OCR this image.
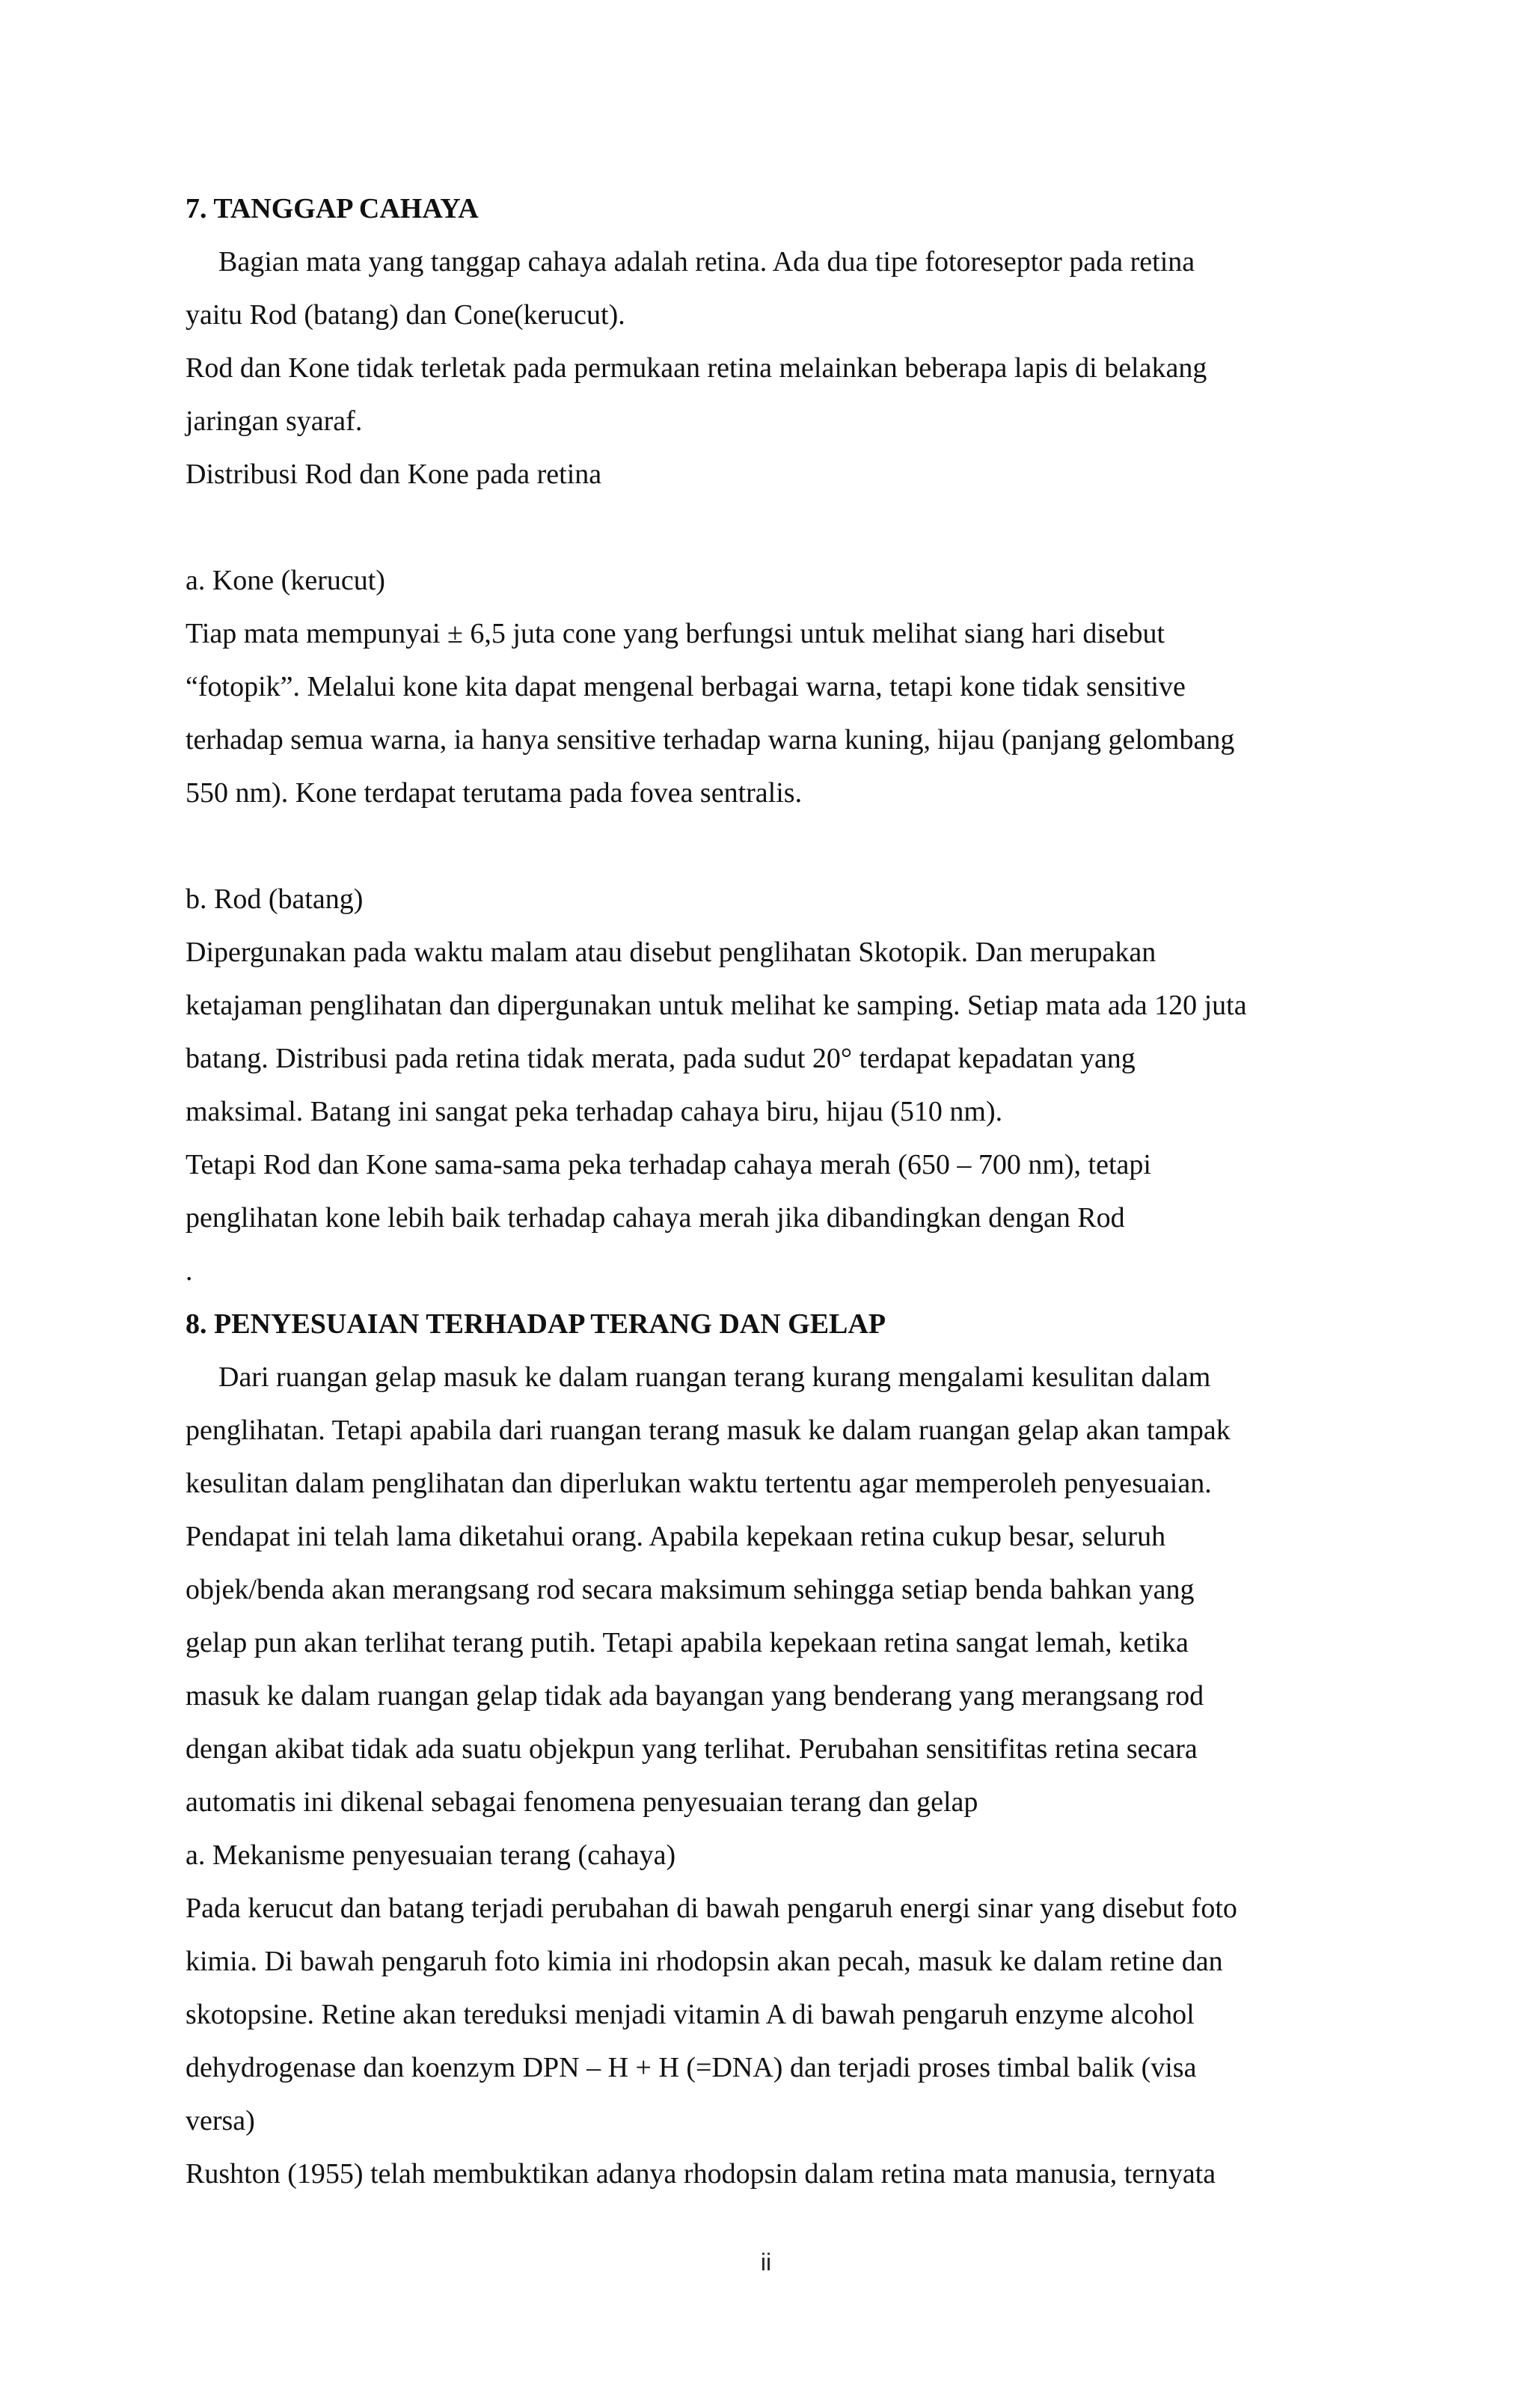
7. TANGGAP CAHAYA
Bagian mata yang tanggap cahaya adalah retina. Ada dua tipe fotoreseptor pada retina
yaitu Rod (batang) dan Cone(kerucut).
Rod dan Kone tidak terletak pada permukaan retina melainkan beberapa lapis di belakang
jaringan syaraf.
Distribusi Rod dan Kone pada retina
a. Kone (kerucut)
Tiap mata mempunyai ± 6,5 juta cone yang berfungsi untuk melihat siang hari disebut
“fotopik”. Melalui kone kita dapat mengenal berbagai warna, tetapi kone tidak sensitive
terhadap semua warna, ia hanya sensitive terhadap warna kuning, hijau (panjang gelombang
550 nm). Kone terdapat terutama pada fovea sentralis.
b. Rod (batang)
Dipergunakan pada waktu malam atau disebut penglihatan Skotopik. Dan merupakan
ketajaman penglihatan dan dipergunakan untuk melihat ke samping. Setiap mata ada 120 juta
batang. Distribusi pada retina tidak merata, pada sudut 20° terdapat kepadatan yang
maksimal. Batang ini sangat peka terhadap cahaya biru, hijau (510 nm).
Tetapi Rod dan Kone sama-sama peka terhadap cahaya merah (650 – 700 nm), tetapi
penglihatan kone lebih baik terhadap cahaya merah jika dibandingkan dengan Rod
.
8. PENYESUAIAN TERHADAP TERANG DAN GELAP
Dari ruangan gelap masuk ke dalam ruangan terang kurang mengalami kesulitan dalam
penglihatan. Tetapi apabila dari ruangan terang masuk ke dalam ruangan gelap akan tampak
kesulitan dalam penglihatan dan diperlukan waktu tertentu agar memperoleh penyesuaian.
Pendapat ini telah lama diketahui orang. Apabila kepekaan retina cukup besar, seluruh
objek/benda akan merangsang rod secara maksimum sehingga setiap benda bahkan yang
gelap pun akan terlihat terang putih. Tetapi apabila kepekaan retina sangat lemah, ketika
masuk ke dalam ruangan gelap tidak ada bayangan yang benderang yang merangsang rod
dengan akibat tidak ada suatu objekpun yang terlihat. Perubahan sensitifitas retina secara
automatis ini dikenal sebagai fenomena penyesuaian terang dan gelap
a. Mekanisme penyesuaian terang (cahaya)
Pada kerucut dan batang terjadi perubahan di bawah pengaruh energi sinar yang disebut foto
kimia. Di bawah pengaruh foto kimia ini rhodopsin akan pecah, masuk ke dalam retine dan
skotopsine. Retine akan tereduksi menjadi vitamin A di bawah pengaruh enzyme alcohol
dehydrogenase dan koenzym DPN – H + H (=DNA) dan terjadi proses timbal balik (visa
versa)
Rushton (1955) telah membuktikan adanya rhodopsin dalam retina mata manusia, ternyata
ii
